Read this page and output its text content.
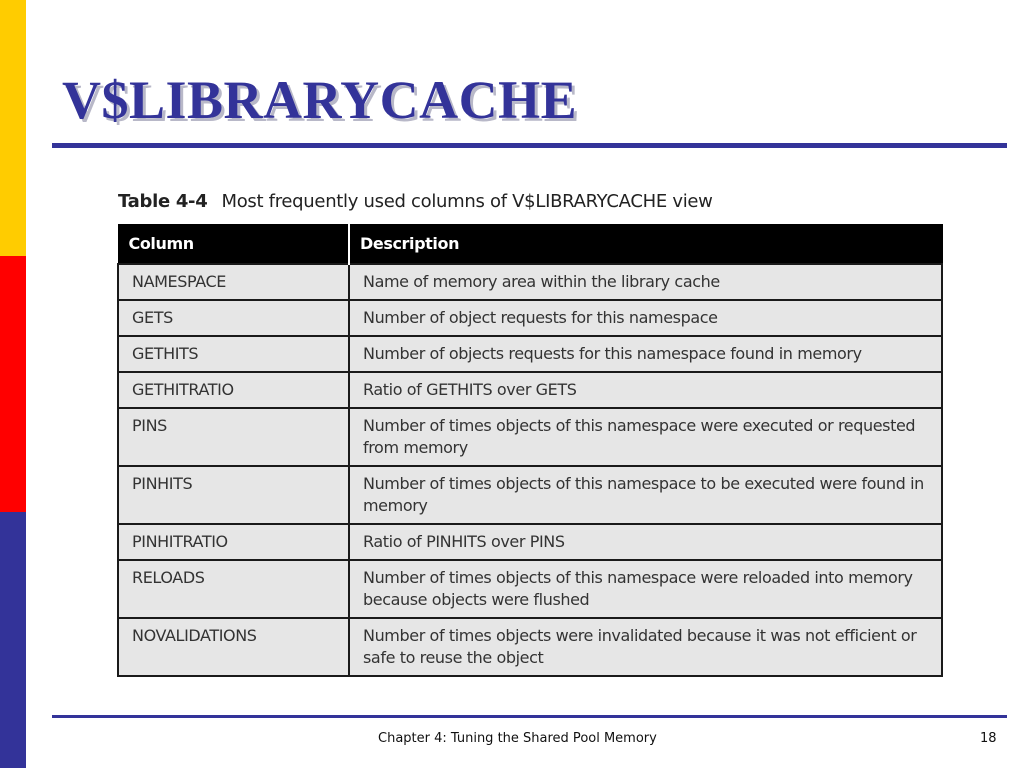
V$LIBRARYCACHE
Table 4-4 Most frequently used columns of V$LIBRARYCACHE view
Column	Description
NAMESPACE	Name of memory area within the library cache
GETS	Number of object requests for this namespace
GETHITS	Number of objects requests for this namespace found in memory
GETHITRATIO	Ratio of GETHITS over GETS
PINS	Number of times objects of this namespace were executed or requested from memory
PINHITS	Number of times objects of this namespace to be executed were found in memory
PINHITRATIO	Ratio of PINHITS over PINS
RELOADS	Number of times objects of this namespace were reloaded into memory because objects were flushed
NOVALIDATIONS	Number of times objects were invalidated because it was not efficient or safe to reuse the object
Chapter 4: Tuning the Shared Pool Memory	18
